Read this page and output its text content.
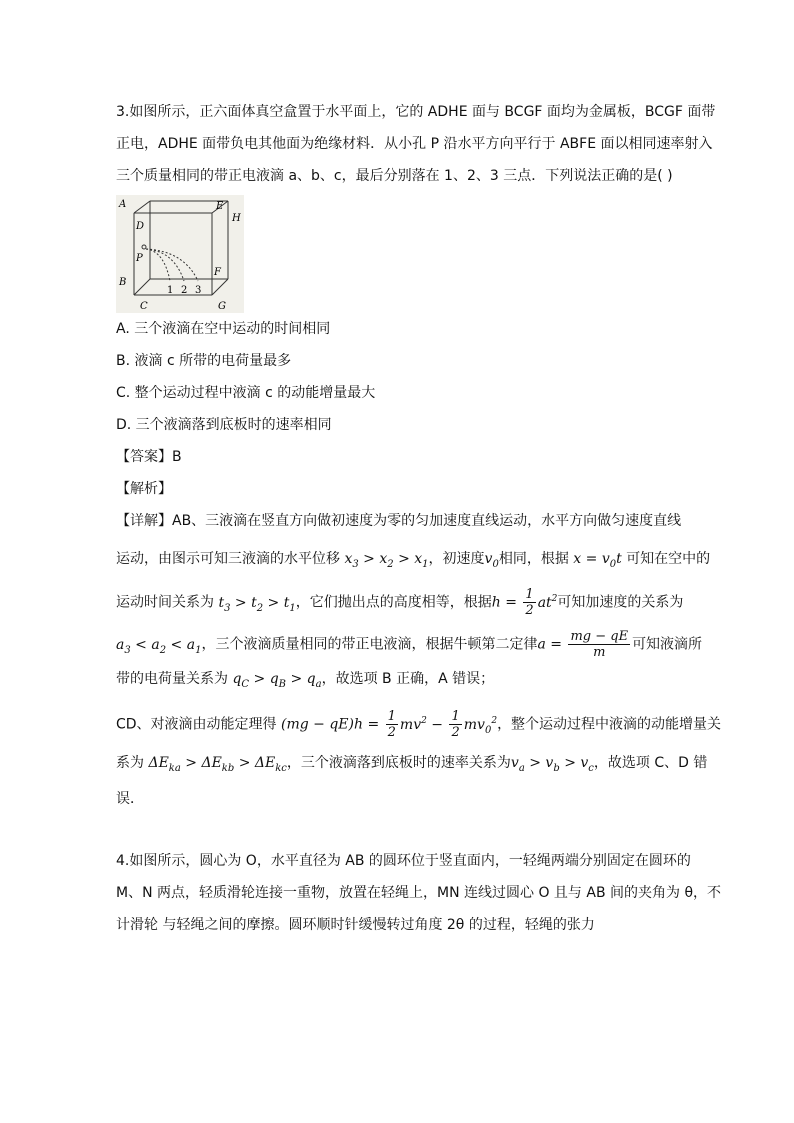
3.如图所示，正六面体真空盒置于水平面上，它的 ADHE 面与 BCGF 面均为金属板，BCGF 面带
正电，ADHE 面带负电其他面为绝缘材料．从小孔 P 沿水平方向平行于 ABFE 面以相同速率射入
三个质量相同的带正电液滴 a、b、c，最后分别落在 1、2、3 三点．下列说法正确的是( )
A
D
E
H
P
B
F
C	G
1 2 3
A. 三个液滴在空中运动的时间相同
B. 液滴 c 所带的电荷量最多
C. 整个运动过程中液滴 c 的动能增量最大
D. 三个液滴落到底板时的速率相同
【答案】B
【解析】
【详解】AB、三液滴在竖直方向做初速度为零的匀加速度直线运动，水平方向做匀速度直线
运动，由图示可知三液滴的水平位移 $x_3 > x_2 > x_1$，初速度$v_0$相同，根据 $x = v_0t$ 可知在空中的
运动时间关系为 $t_3 > t_2 > t_1$，它们抛出点的高度相等，根据$h = \frac{1}{2} at^2$可知加速度的关系为
$a_3 < a_2 < a_1$，三个液滴质量相同的带正电液滴，根据牛顿第二定律$a = \frac{mg - qE}{m}$ 可知液滴所
带的电荷量关系为 $q_C > q_B > q_a$，故选项 B 正确，A 错误；
CD、对液滴由动能定理得 $(mg - qE)h = \frac{1}{2} mv^2 - \frac{1}{2} mv_0^2$，整个运动过程中液滴的动能增量关
系为 $\Delta E_{ka} > \Delta E_{kb} > \Delta E_{kc}$，三个液滴落到底板时的速率关系为$v_a > v_b > v_c$，故选项 C、D 错
误．
4.如图所示，圆心为 O，水平直径为 AB 的圆环位于竖直面内，一轻绳两端分别固定在圆环的
M、N 两点，轻质滑轮连接一重物，放置在轻绳上，MN 连线过圆心 O 且与 AB 间的夹角为 θ，不
计滑轮 与轻绳之间的摩擦。圆环顺时针缓慢转过角度 2θ 的过程，轻绳的张力
